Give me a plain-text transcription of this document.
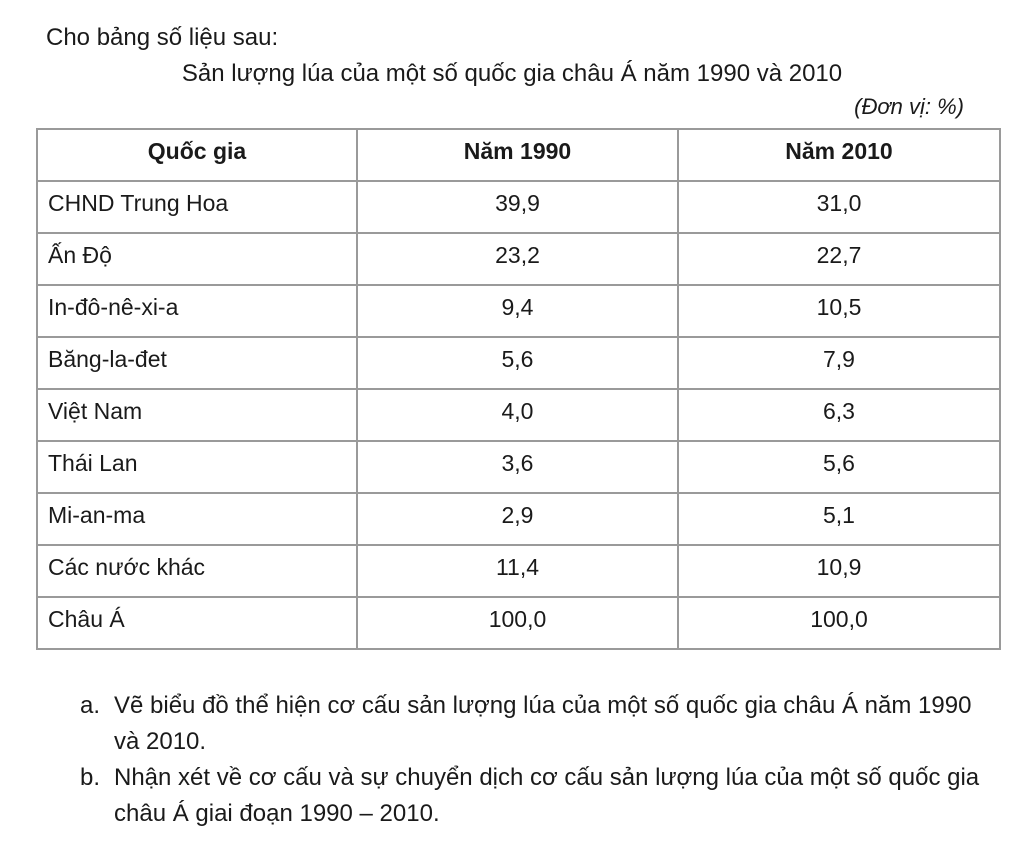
Cho bảng số liệu sau:

Sản lượng lúa của một số quốc gia châu Á năm 1990 và 2010

(Đơn vị: %)

Quốc gia	Năm 1990	Năm 2010
CHND Trung Hoa	39,9	31,0
Ấn Độ	23,2	22,7
In-đô-nê-xi-a	9,4	10,5
Băng-la-đet	5,6	7,9
Việt Nam	4,0	6,3
Thái Lan	3,6	5,6
Mi-an-ma	2,9	5,1
Các nước khác	11,4	10,9
Châu Á	100,0	100,0
a. Vẽ biểu đồ thể hiện cơ cấu sản lượng lúa của một số quốc gia châu Á năm 1990 và 2010.
b. Nhận xét về cơ cấu và sự chuyển dịch cơ cấu sản lượng lúa của một số quốc gia châu Á giai đoạn 1990 – 2010.
